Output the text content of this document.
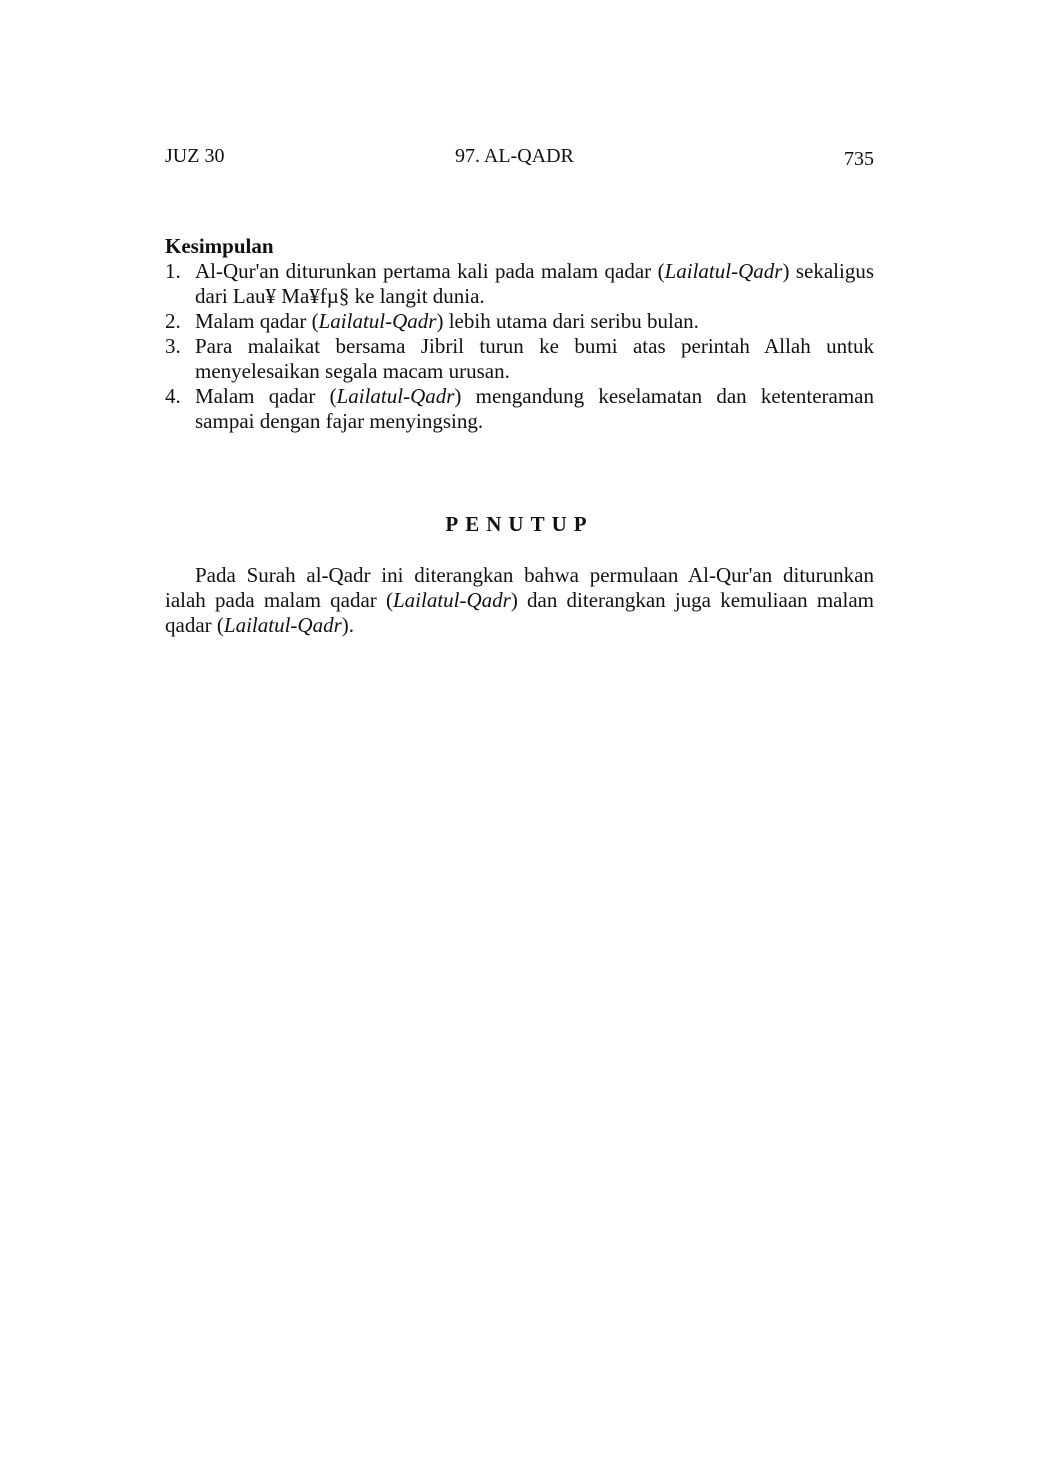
JUZ 30	97. AL-QADR	735
Kesimpulan
1. Al-Qur'an diturunkan pertama kali pada malam qadar (Lailatul-Qadr) sekaligus dari Lau¥ Ma¥fµ§ ke langit dunia.
2. Malam qadar (Lailatul-Qadr) lebih utama dari seribu bulan.
3. Para malaikat bersama Jibril turun ke bumi atas perintah Allah untuk menyelesaikan segala macam urusan.
4. Malam qadar (Lailatul-Qadr) mengandung keselamatan dan ketenteraman sampai dengan fajar menyingsing.
PENUTUP

Pada Surah al-Qadr ini diterangkan bahwa permulaan Al-Qur'an diturunkan ialah pada malam qadar (Lailatul-Qadr) dan diterangkan juga kemuliaan malam qadar (Lailatul-Qadr).
